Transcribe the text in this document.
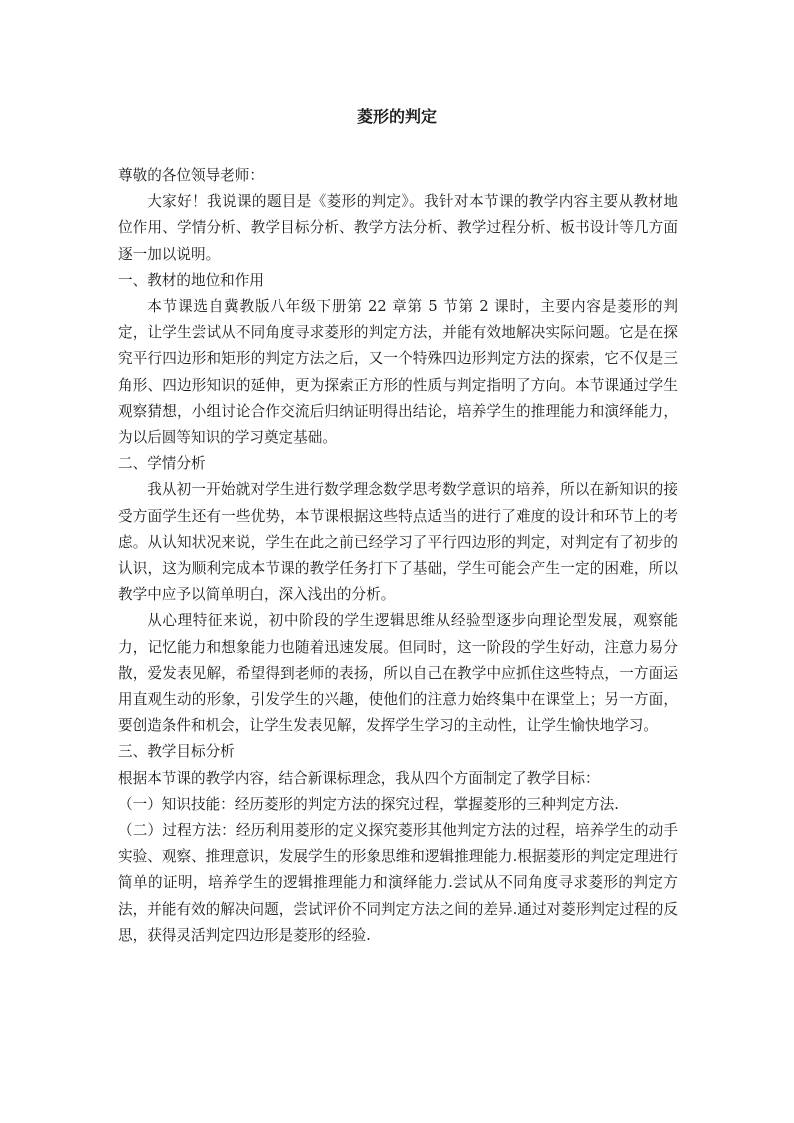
菱形的判定

尊敬的各位领导老师：

大家好！我说课的题目是《菱形的判定》。我针对本节课的教学内容主要从教材地位作用、学情分析、教学目标分析、教学方法分析、教学过程分析、板书设计等几方面逐一加以说明。

一、教材的地位和作用

本节课选自冀教版八年级下册第 22 章第 5 节第 2 课时，主要内容是菱形的判定，让学生尝试从不同角度寻求菱形的判定方法，并能有效地解决实际问题。它是在探究平行四边形和矩形的判定方法之后，又一个特殊四边形判定方法的探索，它不仅是三角形、四边形知识的延伸，更为探索正方形的性质与判定指明了方向。本节课通过学生观察猜想，小组讨论合作交流后归纳证明得出结论，培养学生的推理能力和演绎能力，为以后圆等知识的学习奠定基础。

二、学情分析

我从初一开始就对学生进行数学理念数学思考数学意识的培养，所以在新知识的接受方面学生还有一些优势，本节课根据这些特点适当的进行了难度的设计和环节上的考虑。从认知状况来说，学生在此之前已经学习了平行四边形的判定，对判定有了初步的认识，这为顺利完成本节课的教学任务打下了基础，学生可能会产生一定的困难，所以教学中应予以简单明白，深入浅出的分析。

从心理特征来说，初中阶段的学生逻辑思维从经验型逐步向理论型发展，观察能力，记忆能力和想象能力也随着迅速发展。但同时，这一阶段的学生好动，注意力易分散，爱发表见解，希望得到老师的表扬，所以自己在教学中应抓住这些特点，一方面运用直观生动的形象，引发学生的兴趣，使他们的注意力始终集中在课堂上；另一方面，要创造条件和机会，让学生发表见解，发挥学生学习的主动性，让学生愉快地学习。

三、教学目标分析

根据本节课的教学内容，结合新课标理念，我从四个方面制定了教学目标：

（一）知识技能：经历菱形的判定方法的探究过程，掌握菱形的三种判定方法.

（二）过程方法：经历利用菱形的定义探究菱形其他判定方法的过程，培养学生的动手实验、观察、推理意识，发展学生的形象思维和逻辑推理能力.根据菱形的判定定理进行简单的证明，培养学生的逻辑推理能力和演绎能力.尝试从不同角度寻求菱形的判定方法，并能有效的解决问题，尝试评价不同判定方法之间的差异.通过对菱形判定过程的反思，获得灵活判定四边形是菱形的经验.
